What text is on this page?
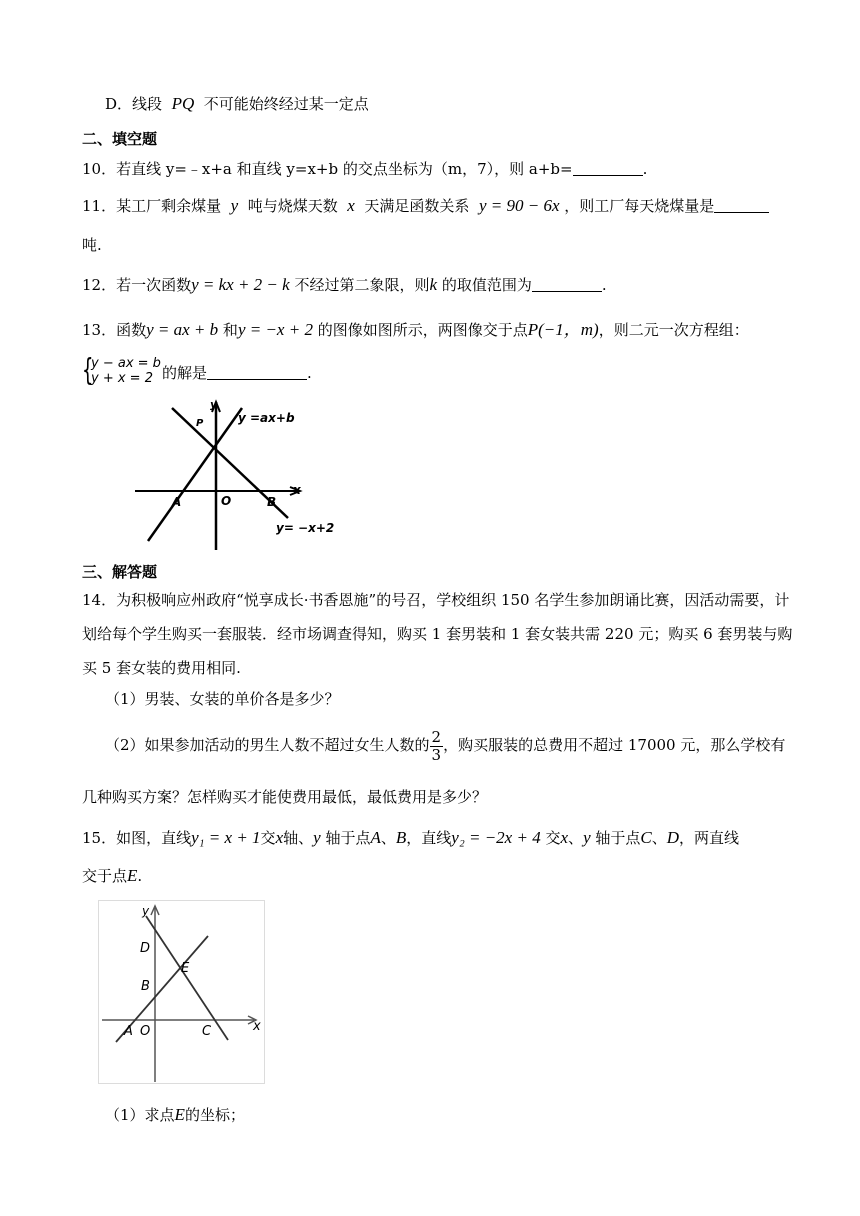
D．线段 PQ 不可能始终经过某一定点
二、填空题
10．若直线 y=﹣x+a 和直线 y=x+b 的交点坐标为（m，7），则 a+b=	.
11．某工厂剩余煤量 y 吨与烧煤天数 x 天满足函数关系 y = 90 − 6x ，则工厂每天烧煤量是
吨.
12．若一次函数y = kx + 2 − k 不经过第二象限，则k 的取值范围为	.
13．函数y = ax + b 和y = −x + 2 的图像如图所示，两图像交于点P(−1，m)，则二元一次方程组：
{
y − ax = b
y + x = 2 的解是	.
y
y =ax+b
P
A	O	B
x
y= −x+2
三、解答题
14．为积极响应州政府“悦享成长·书香恩施”的号召，学校组织 150 名学生参加朗诵比赛，因活动需要，计
划给每个学生购买一套服装．经市场调查得知，购买 1 套男装和 1 套女装共需 220 元；购买 6 套男装与购
买 5 套女装的费用相同.
（1）男装、女装的单价各是多少？
（2）如果参加活动的男生人数不超过女生人数的 $\frac{2}{3}$ ，购买服装的总费用不超过 17000 元，那么学校有
几种购买方案？怎样购买才能使费用最低，最低费用是多少？
15．如图，直线y₁ = x + 1交x轴、y 轴于点A、B，直线y₂ = −2x + 4 交x、y 轴于点C、D，两直线
交于点E.
y
D
E
B
A O	C	x
（1）求点E的坐标；
